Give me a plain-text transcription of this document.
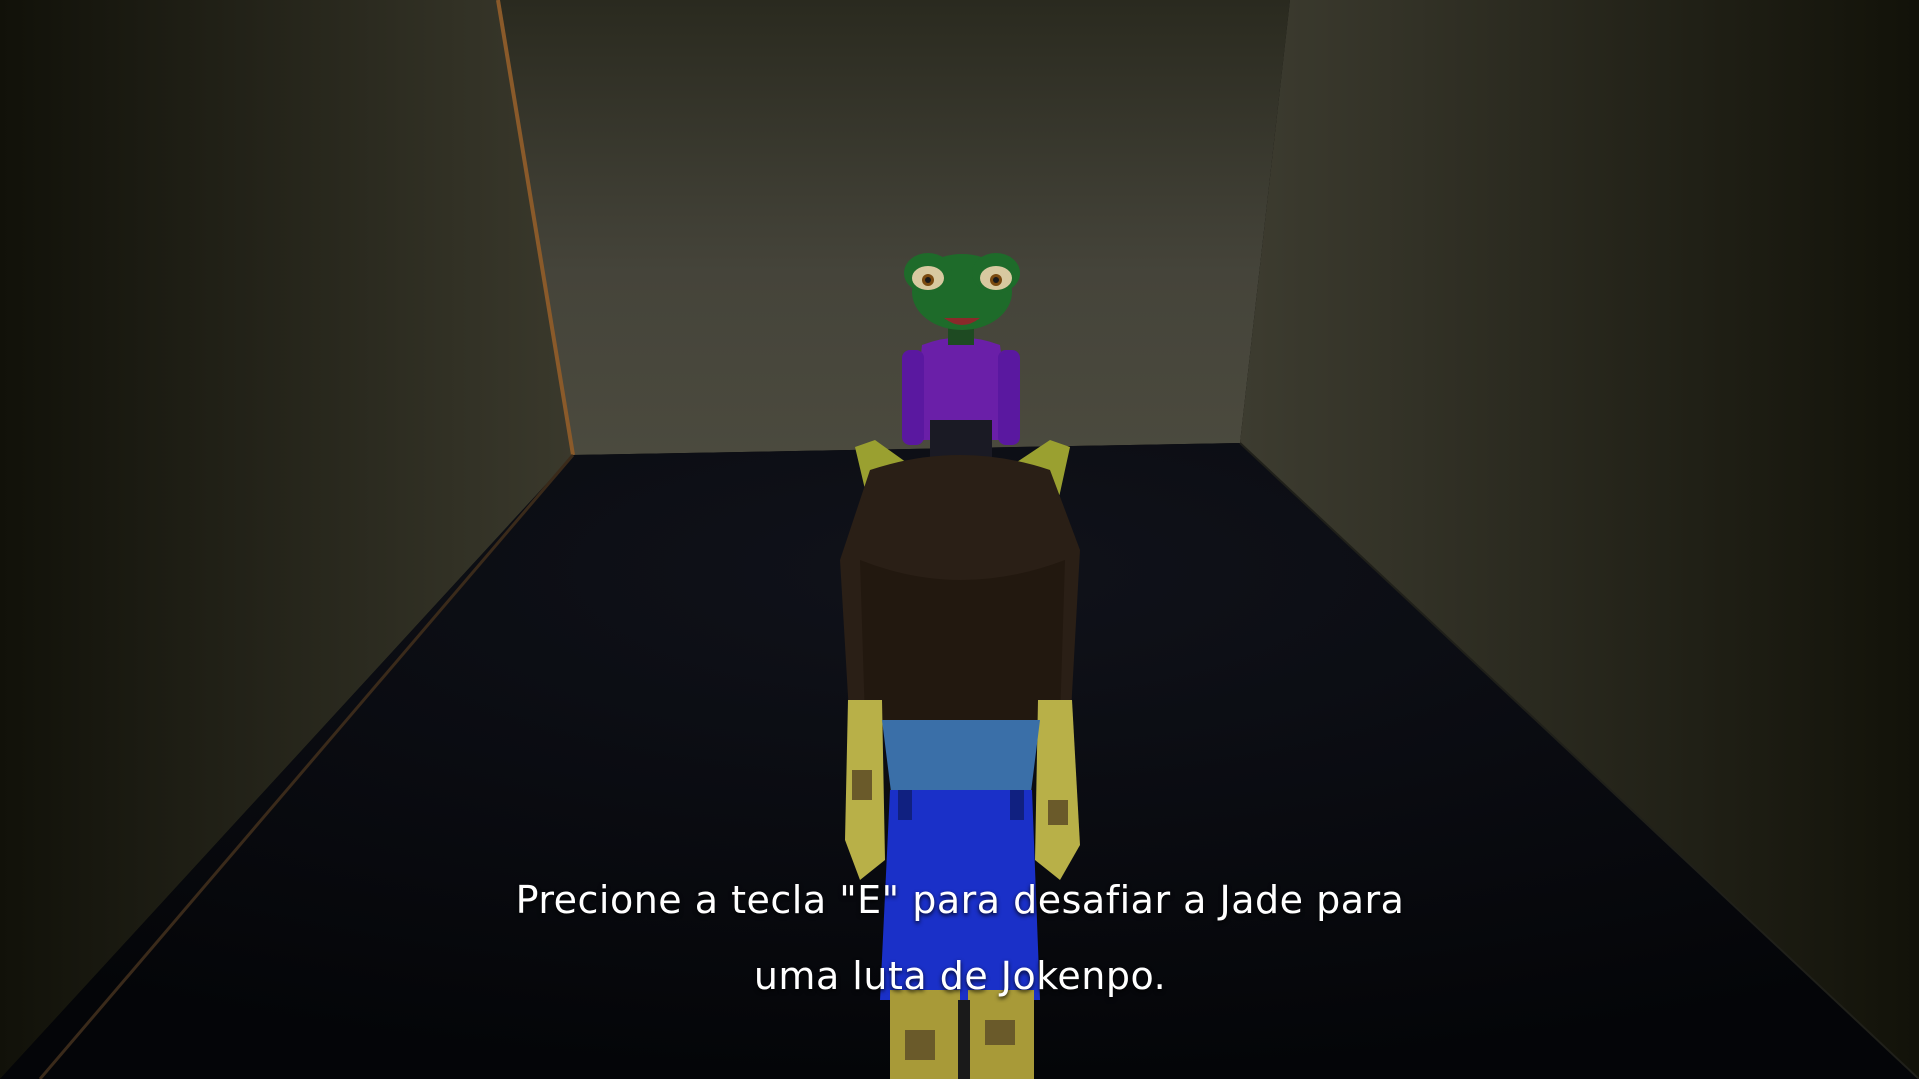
Precione a tecla "E" para desafiar a Jade para
uma luta de Jokenpo.
